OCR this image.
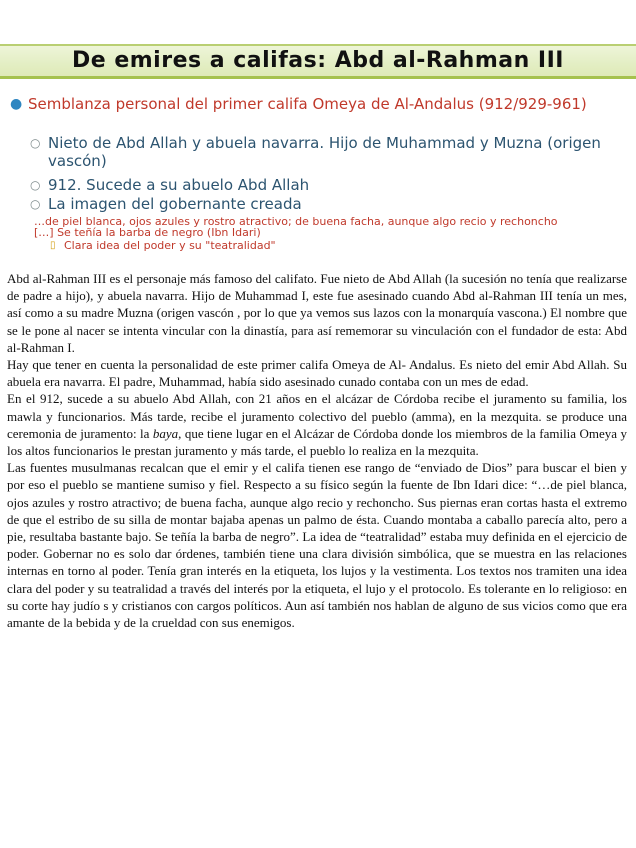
De emires a califas: Abd al-Rahman III
● Semblanza personal del primer califa Omeya de Al-Andalus (912/929-961)
○ Nieto de Abd Allah y abuela navarra. Hijo de Muhammad y Muzna (origen vascón)
○ 912. Sucede a su abuelo Abd Allah
○ La imagen del gobernante creada
…de piel blanca, ojos azules y rostro atractivo; de buena facha, aunque algo recio y rechoncho
[…] Se teñía la barba de negro (Ibn Idari)
▯ Clara idea del poder y su "teatralidad"

Abd al-Rahman III es el personaje más famoso del califato. Fue nieto de Abd Allah (la sucesión no tenía que realizarse de padre a hijo), y abuela navarra. Hijo de Muhammad I, este fue asesinado cuando Abd al-Rahman III tenía un mes, así como a su madre Muzna (origen vascón , por lo que ya vemos sus lazos con la monarquía vascona.) El nombre que se le pone al nacer se intenta vincular con la dinastía, para así rememorar su vinculación con el fundador de esta: Abd al-Rahman I.

Hay que tener en cuenta la personalidad de este primer califa Omeya de Al- Andalus. Es nieto del emir Abd Allah. Su abuela era navarra. El padre, Muhammad, había sido asesinado cunado contaba con un mes de edad.

En el 912, sucede a su abuelo Abd Allah, con 21 años en el alcázar de Córdoba recibe el juramento su familia, los mawla y funcionarios. Más tarde, recibe el juramento colectivo del pueblo (amma), en la mezquita. se produce una ceremonia de juramento: la baya, que tiene lugar en el Alcázar de Córdoba donde los miembros de la familia Omeya y los altos funcionarios le prestan juramento y más tarde, el pueblo lo realiza en la mezquita.

Las fuentes musulmanas recalcan que el emir y el califa tienen ese rango de “enviado de Dios” para buscar el bien y por eso el pueblo se mantiene sumiso y fiel. Respecto a su físico según la fuente de Ibn Idari dice: “…de piel blanca, ojos azules y rostro atractivo; de buena facha, aunque algo recio y rechoncho. Sus piernas eran cortas hasta el extremo de que el estribo de su silla de montar bajaba apenas un palmo de ésta. Cuando montaba a caballo parecía alto, pero a pie, resultaba bastante bajo. Se teñía la barba de negro”. La idea de “teatralidad” estaba muy definida en el ejercicio de poder. Gobernar no es solo dar órdenes, también tiene una clara división simbólica, que se muestra en las relaciones internas en torno al poder. Tenía gran interés en la etiqueta, los lujos y la vestimenta. Los textos nos tramiten una idea clara del poder y su teatralidad a través del interés por la etiqueta, el lujo y el protocolo. Es tolerante en lo religioso: en su corte hay judío s y cristianos con cargos políticos. Aun así también nos hablan de alguno de sus vicios como que era amante de la bebida y de la crueldad con sus enemigos.
